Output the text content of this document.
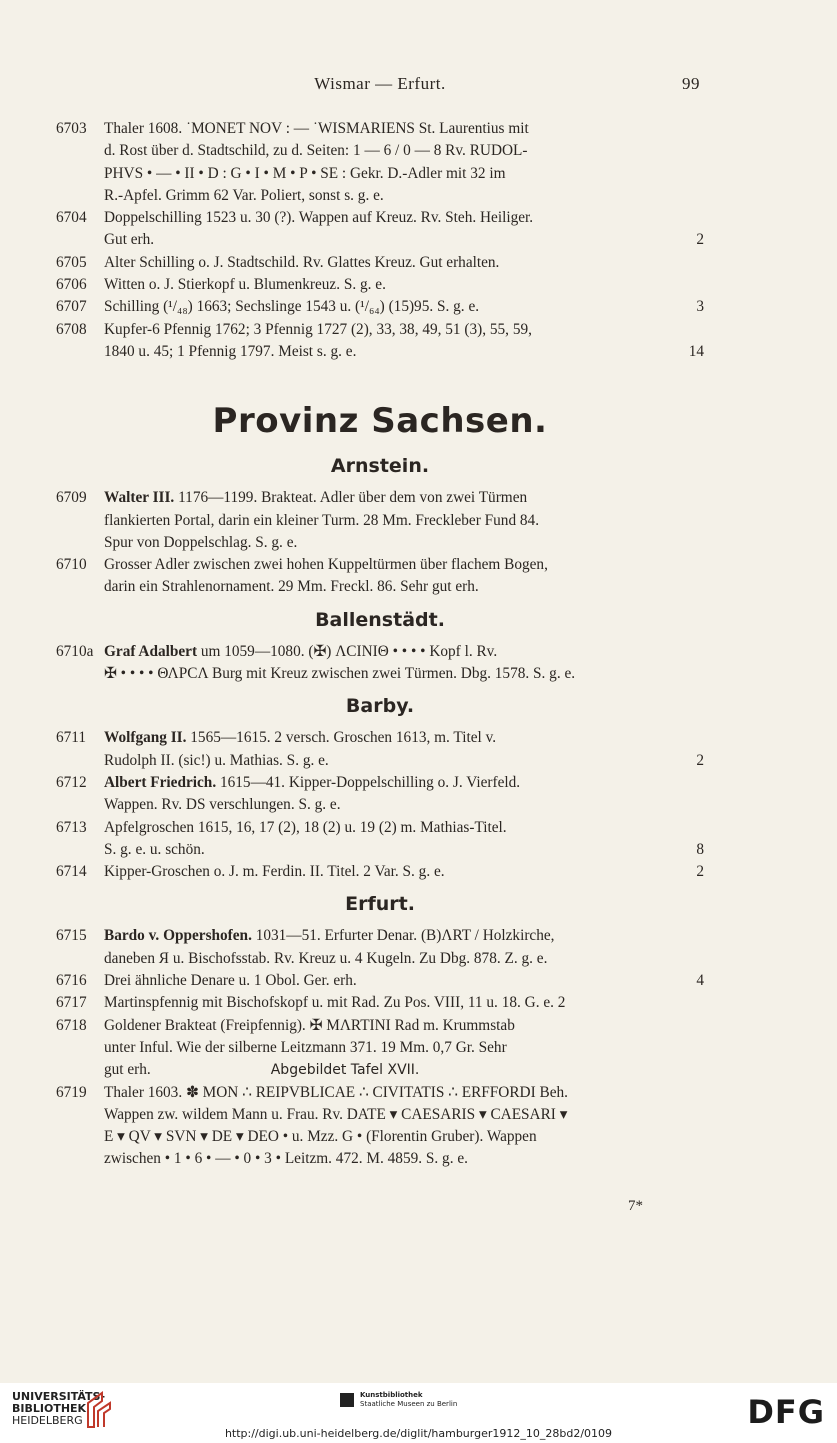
Wismar — Erfurt.	99
6703	Thaler 1608. ˙MONET NOV : — ˙WISMARIENS St. Laurentius mit
d. Rost über d. Stadtschild, zu d. Seiten: 1 — 6 / 0 — 8 Rv. RUDOL-
PHVS • — • II • D : G • I • M • P • SE : Gekr. D.-Adler mit 32 im
R.-Apfel. Grimm 62 Var. Poliert, sonst s. g. e.
6704	Doppelschilling 1523 u. 30 (?). Wappen auf Kreuz. Rv. Steh. Heiliger.
Gut erh.	2
6705	Alter Schilling o. J. Stadtschild. Rv. Glattes Kreuz. Gut erhalten.
6706	Witten o. J. Stierkopf u. Blumenkreuz. S. g. e.
6707	Schilling (¹/₄₈) 1663; Sechslinge 1543 u. (¹/₆₄) (15)95. S. g. e.	3
6708	Kupfer-6 Pfennig 1762; 3 Pfennig 1727 (2), 33, 38, 49, 51 (3), 55, 59,
1840 u. 45; 1 Pfennig 1797. Meist s. g. e.	14
Provinz Sachsen.
Arnstein.
6709	Walter III. 1176—1199. Brakteat. Adler über dem von zwei Türmen
flankierten Portal, darin ein kleiner Turm. 28 Mm. Freckleber Fund 84.
Spur von Doppelschlag. S. g. e.
6710	Grosser Adler zwischen zwei hohen Kuppeltürmen über flachem Bogen,
darin ein Strahlenornament. 29 Mm. Freckl. 86. Sehr gut erh.
Ballenstädt.
6710a Graf Adalbert um 1059—1080. (✠) ΛCΙΝΙΘ • • • • Kopf l. Rv.
✠ • • • • ΘΛΡCΛ Burg mit Kreuz zwischen zwei Türmen. Dbg. 1578. S. g. e.
Barby.
6711	Wolfgang II. 1565—1615. 2 versch. Groschen 1613, m. Titel v.
Rudolph II. (sic!) u. Mathias. S. g. e.	2
6712	Albert Friedrich. 1615—41. Kipper-Doppelschilling o. J. Vierfeld.
Wappen. Rv. DS verschlungen. S. g. e.
6713	Apfelgroschen 1615, 16, 17 (2), 18 (2) u. 19 (2) m. Mathias-Titel.
S. g. e. u. schön.	8
6714	Kipper-Groschen o. J. m. Ferdin. II. Titel. 2 Var. S. g. e.	2
Erfurt.
6715	Bardo v. Oppershofen. 1031—51. Erfurter Denar. (B)ΛRT / Holzkirche,
daneben Я u. Bischofsstab. Rv. Kreuz u. 4 Kugeln. Zu Dbg. 878. Z. g. e.
6716	Drei ähnliche Denare u. 1 Obol. Ger. erh.	4
6717	Martinspfennig mit Bischofskopf u. mit Rad. Zu Pos. VIII, 11 u. 18. G. e. 2
6718	Goldener Brakteat (Freipfennig). ✠ MΛRTINI Rad m. Krummstab
unter Inful. Wie der silberne Leitzmann 371. 19 Mm. 0,7 Gr. Sehr
gut erh.	Abgebildet Tafel XVII.
6719	Thaler 1603. ✽ MON ∴ REIPVBLICAE ∴ CIVITATIS ∴ ERFFORDI Beh.
Wappen zw. wildem Mann u. Frau. Rv. DATE ▾ CAESARIS ▾ CAESARI ▾
E ▾ QV ▾ SVN ▾ DE ▾ DEO • u. Mzz. G • (Florentin Gruber). Wappen
zwischen • 1 • 6 • — • 0 • 3 • Leitzm. 472. M. 4859. S. g. e.
7*
UNIVERSITÄTS-
BIBLIOTHEK
HEIDELBERG
Kunstbibliothek
Staatliche Museen zu Berlin	DFG
http://digi.ub.uni-heidelberg.de/diglit/hamburger1912_10_28bd2/0109
